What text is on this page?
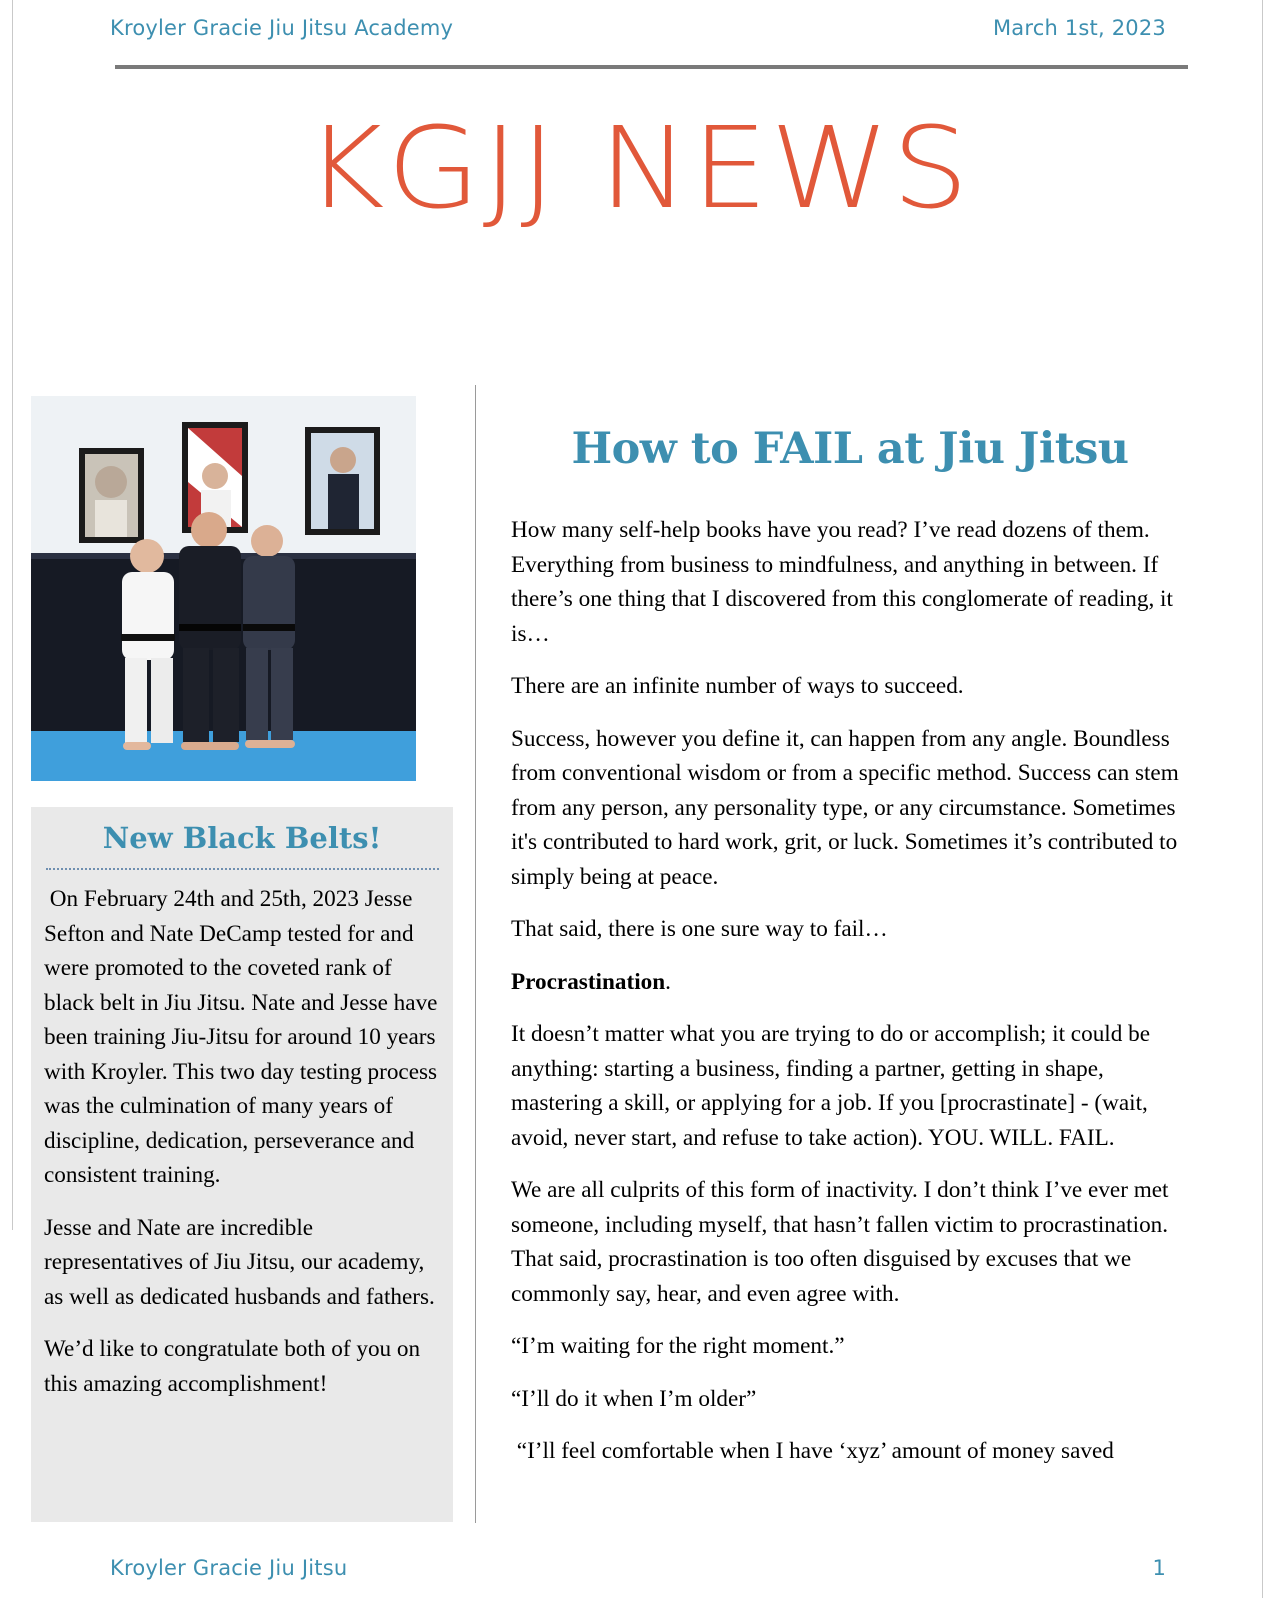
Kroyler Gracie Jiu Jitsu Academy	March 1st, 2023
KGJJ NEWS
New Black Belts!

On February 24th and 25th, 2023 Jesse Sefton and Nate DeCamp tested for and were promoted to the coveted rank of black belt in Jiu Jitsu. Nate and Jesse have been training Jiu-Jitsu for around 10 years with Kroyler. This two day testing process was the culmination of many years of discipline, dedication, perseverance and consistent training.

Jesse and Nate are incredible representatives of Jiu Jitsu, our academy, as well as dedicated husbands and fathers.

We’d like to congratulate both of you on this amazing accomplishment!

How to FAIL at Jiu Jitsu

How many self-help books have you read? I’ve read dozens of them. Everything from business to mindfulness, and anything in between. If there’s one thing that I discovered from this conglomerate of reading, it is…

There are an infinite number of ways to succeed.

Success, however you define it, can happen from any angle. Boundless from conventional wisdom or from a specific method. Success can stem from any person, any personality type, or any circumstance. Sometimes it's contributed to hard work, grit, or luck. Sometimes it’s contributed to simply being at peace.

That said, there is one sure way to fail…

Procrastination.

It doesn’t matter what you are trying to do or accomplish; it could be anything: starting a business, finding a partner, getting in shape, mastering a skill, or applying for a job. If you [procrastinate] - (wait, avoid, never start, and refuse to take action). YOU. WILL. FAIL.

We are all culprits of this form of inactivity. I don’t think I’ve ever met someone, including myself, that hasn’t fallen victim to procrastination. That said, procrastination is too often disguised by excuses that we commonly say, hear, and even agree with.

“I’m waiting for the right moment.”

“I’ll do it when I’m older”

“I’ll feel comfortable when I have ‘xyz’ amount of money saved

Kroyler Gracie Jiu Jitsu	1
